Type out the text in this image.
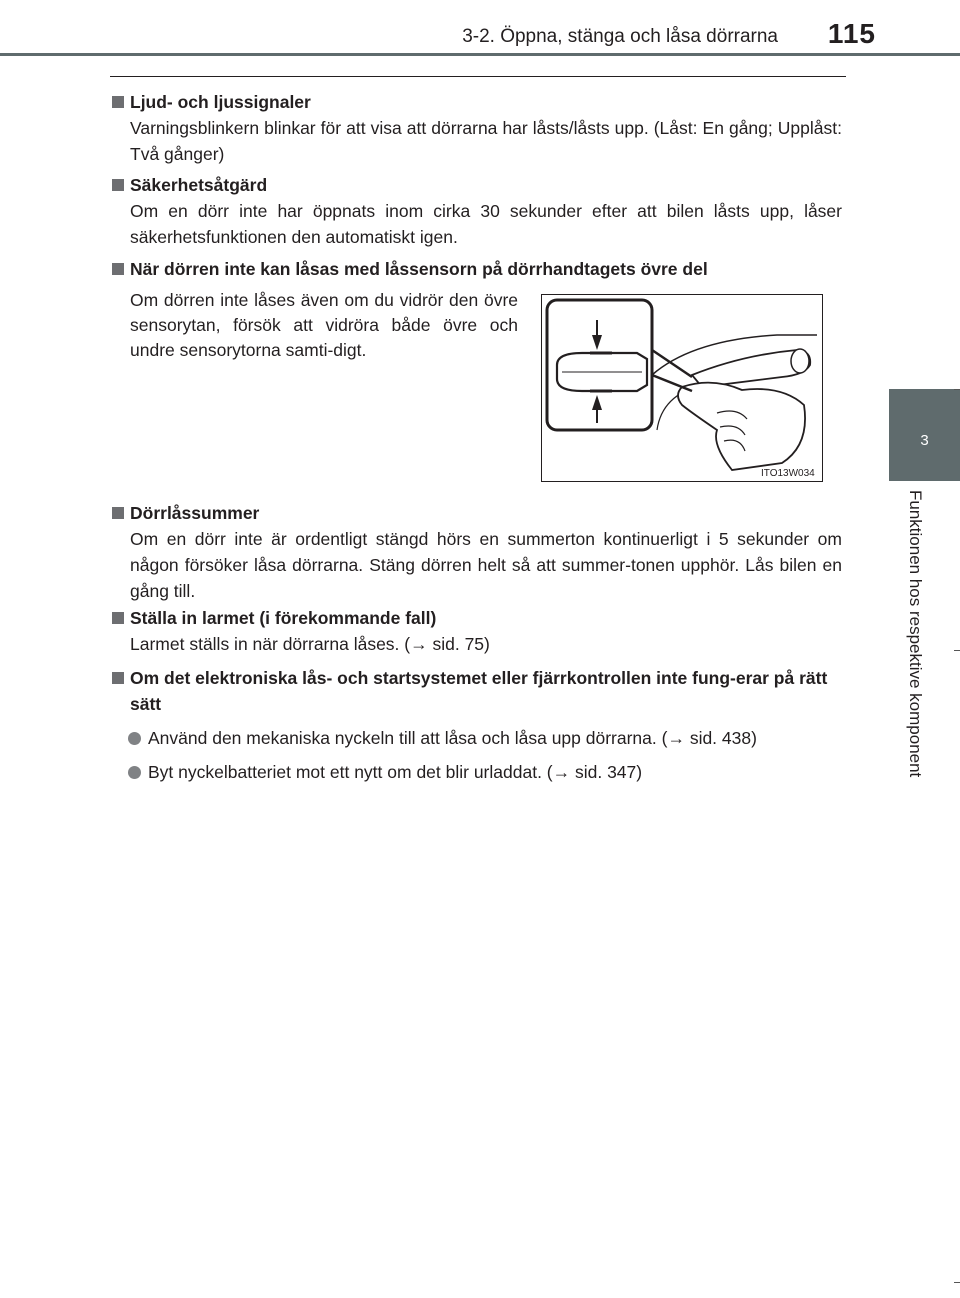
3-2. Öppna, stänga och låsa dörrarna 115
3
Funktionen hos respektive komponent
Ljud- och ljussignaler
Varningsblinkern blinkar för att visa att dörrarna har låsts/låsts upp. (Låst: En gång; Upplåst: Två gånger)
Säkerhetsåtgärd
Om en dörr inte har öppnats inom cirka 30 sekunder efter att bilen låsts upp, låser säkerhetsfunktionen den automatiskt igen.
När dörren inte kan låsas med låssensorn på dörrhandtagets övre del
Om dörren inte låses även om du vidrör den övre sensorytan, försök att vidröra både övre och undre sensorytorna samti-digt.
ITO13W034
Dörrlåssummer
Om en dörr inte är ordentligt stängd hörs en summerton kontinuerligt i 5 sekunder om någon försöker låsa dörrarna. Stäng dörren helt så att summer-tonen upphör. Lås bilen en gång till.
Ställa in larmet (i förekommande fall)
Larmet ställs in när dörrarna låses. (→ sid. 75)
Om det elektroniska lås- och startsystemet eller fjärrkontrollen inte fung-erar på rätt sätt
Använd den mekaniska nyckeln till att låsa och låsa upp dörrarna. (→ sid. 438)
Byt nyckelbatteriet mot ett nytt om det blir urladdat. (→ sid. 347)
